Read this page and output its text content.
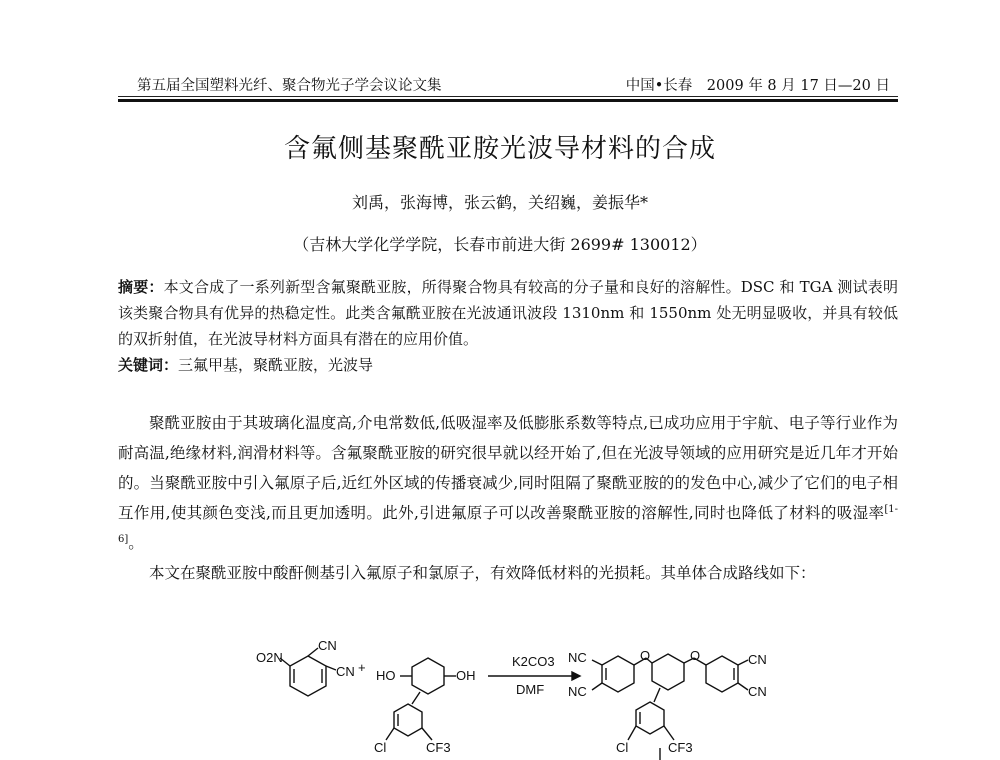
第五届全国塑料光纤、聚合物光子学会议论文集	中国•长春　2009 年 8 月 17 日—20 日
含氟侧基聚酰亚胺光波导材料的合成
刘禹，张海博，张云鹤，关绍巍，姜振华*
（吉林大学化学学院，长春市前进大街 2699# 130012）

摘要：本文合成了一系列新型含氟聚酰亚胺，所得聚合物具有较高的分子量和良好的溶解性。DSC 和 TGA 测试表明该类聚合物具有优异的热稳定性。此类含氟酰亚胺在光波通讯波段 1310nm 和 1550nm 处无明显吸收，并具有较低的双折射值，在光波导材料方面具有潜在的应用价值。

关键词：三氟甲基，聚酰亚胺，光波导

聚酰亚胺由于其玻璃化温度高,介电常数低,低吸湿率及低膨胀系数等特点,已成功应用于宇航、电子等行业作为耐高温,绝缘材料,润滑材料等。含氟聚酰亚胺的研究很早就以经开始了,但在光波导领域的应用研究是近几年才开始的。当聚酰亚胺中引入氟原子后,近红外区域的传播衰减少,同时阻隔了聚酰亚胺的的发色中心,减少了它们的电子相互作用,使其颜色变浅,而且更加透明。此外,引进氟原子可以改善聚酰亚胺的溶解性,同时也降低了材料的吸湿率[1-6]。

本文在聚酰亚胺中酸酐侧基引入氟原子和氯原子，有效降低材料的光损耗。其单体合成路线如下：

O2N
CN
CN +
HO	OH
Cl	CF3
K2CO3
DMF
NC
NC
O	O	CN
CN
Cl	CF3
